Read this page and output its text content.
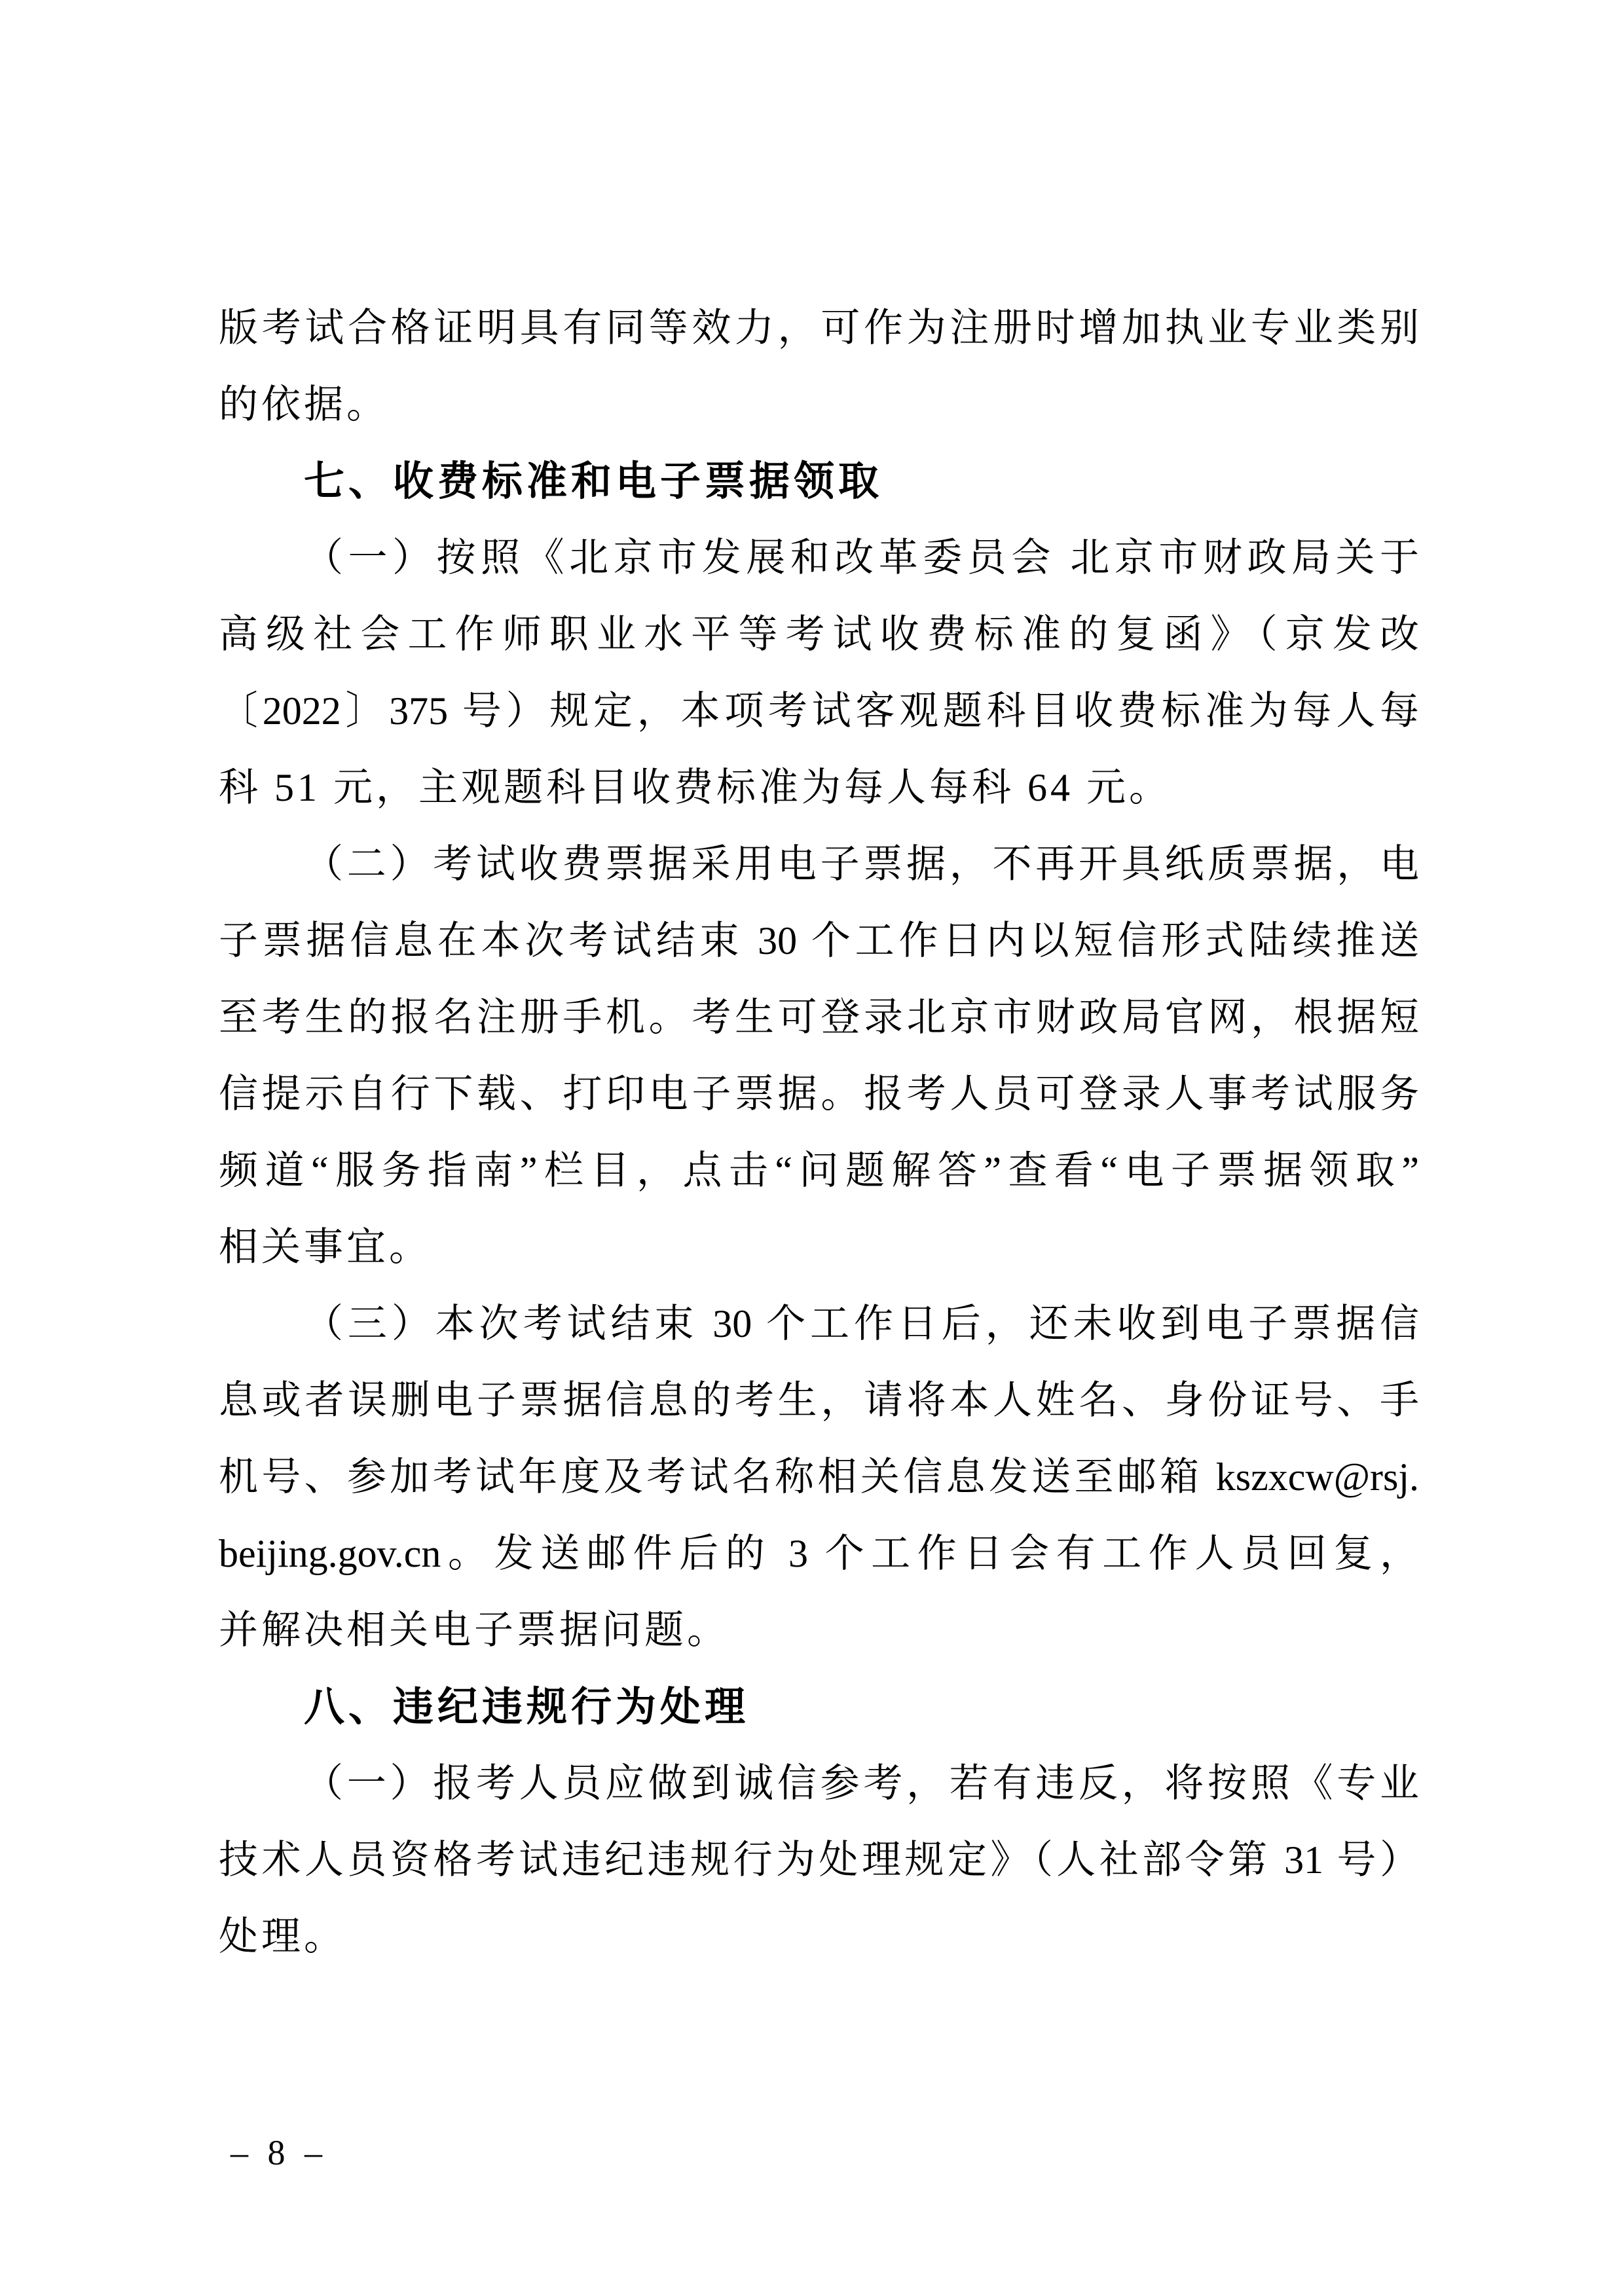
版考试合格证明具有同等效力，可作为注册时增加执业专业类别
的依据。
七、收费标准和电子票据领取
（一）按照《北京市发展和改革委员会 北京市财政局关于
高级社会工作师职业水平等考试收费标准的复函》（京发改
〔2022〕375 号）规定，本项考试客观题科目收费标准为每人每
科 51 元，主观题科目收费标准为每人每科 64 元。
（二）考试收费票据采用电子票据，不再开具纸质票据，电
子票据信息在本次考试结束 30 个工作日内以短信形式陆续推送
至考生的报名注册手机。考生可登录北京市财政局官网，根据短
信提示自行下载、打印电子票据。报考人员可登录人事考试服务
频道“服务指南”栏目，点击“问题解答”查看“电子票据领取”
相关事宜。
（三）本次考试结束 30 个工作日后，还未收到电子票据信
息或者误删电子票据信息的考生，请将本人姓名、身份证号、手
机号、参加考试年度及考试名称相关信息发送至邮箱 kszxcw@rsj.
beijing.gov.cn。发送邮件后的 3 个工作日会有工作人员回复，
并解决相关电子票据问题。
八、违纪违规行为处理
（一）报考人员应做到诚信参考，若有违反，将按照《专业
技术人员资格考试违纪违规行为处理规定》（人社部令第 31 号）
处理。
– 8 –
